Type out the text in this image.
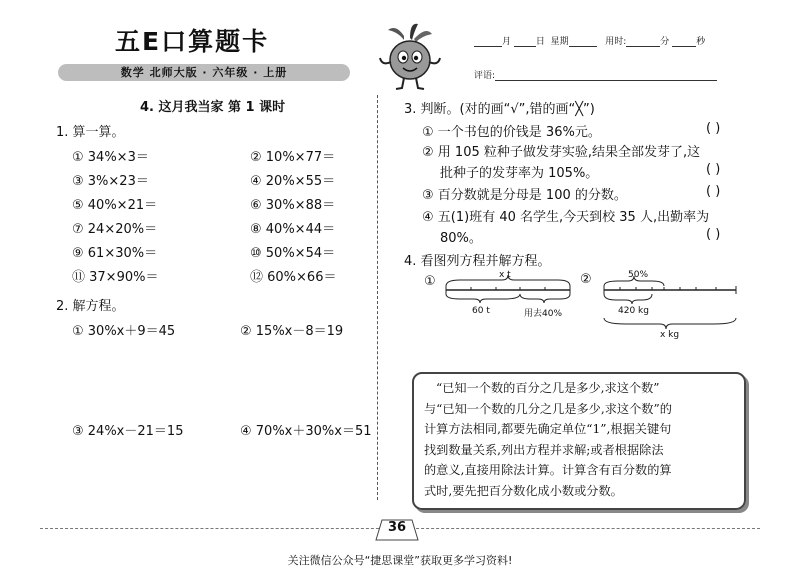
五E口算题卡
数学 北师大版 · 六年级 · 上册
月	日 星期	用时:	分	秒
评语:
4. 这月我当家 第 1 课时
1. 算一算。
① 34%×3＝	② 10%×77＝
③ 3%×23＝	④ 20%×55＝
⑤ 40%×21＝	⑥ 30%×88＝
⑦ 24×20%＝	⑧ 40%×44＝
⑨ 61×30%＝	⑩ 50%×54＝
⑪ 37×90%＝	⑫ 60%×66＝
2. 解方程。
① 30%x＋9＝45	② 15%x－8＝19
③ 24%x－21＝15	④ 70%x＋30%x＝51
3. 判断。(对的画“√”,错的画“╳”)
① 一个书包的价钱是 36%元。	( )
② 用 105 粒种子做发芽实验,结果全部发芽了,这
批种子的发芽率为 105%。	( )
③ 百分数就是分母是 100 的分数。	( )
④ 五(1)班有 40 名学生,今天到校 35 人,出勤率为
80%。	( )
4. 看图列方程并解方程。
①	x t
60 t	用去40%
②	50%
420 kg
x kg
“已知一个数的百分之几是多少,求这个数”
与“已知一个数的几分之几是多少,求这个数”的
计算方法相同,都要先确定单位“1”,根据关键句
找到数量关系,列出方程并求解;或者根据除法
的意义,直接用除法计算。计算含有百分数的算
式时,要先把百分数化成小数或分数。
36
关注微信公众号“捷思课堂”获取更多学习资料!
